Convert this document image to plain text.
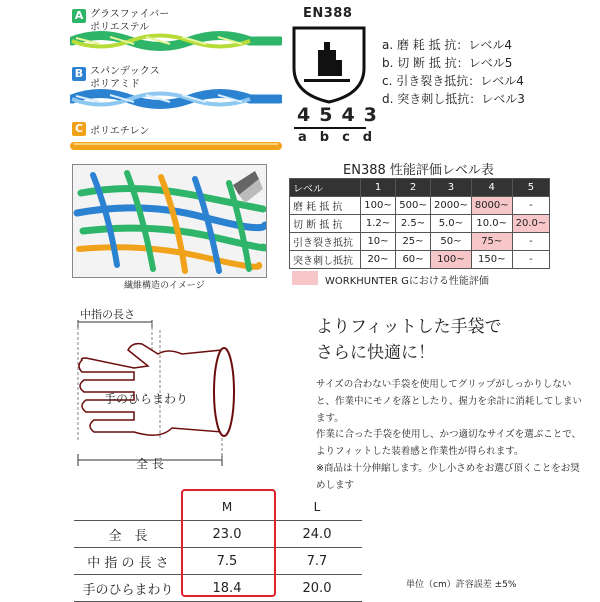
A グラスファイバー
ポリエステル
B スパンデックス
ポリアミド
C ポリエチレン
EN388
4543
abcd
a. 磨 耗 抵 抗：レベル4
b. 切 断 抵 抗：レベル5
c. 引き裂き抵抗：レベル4
d. 突き刺し抵抗：レベル3
繊維構造のイメージ
EN388 性能評価レベル表
レベル	1	2	3	4	5
磨 耗 抵 抗	100~	500~	2000~	8000~	-
切 断 抵 抗	1.2~	2.5~	5.0~	10.0~	20.0~
引き裂き抵抗	10~	25~	50~	75~	-
突き刺し抵抗	20~	60~	100~	150~	-
WORKHUNTER Gにおける性能評価
中指の長さ
手のひらまわり
全 長
よりフィットした手袋で
さらに快適に！
サイズの合わない手袋を使用してグリップがしっかりしないと、作業中にモノを落としたり、握力を余計に消耗してしまいます。
作業に合った手袋を使用し、かつ適切なサイズを選ぶことで、よりフィットした装着感と作業性が得られます。
※商品は十分伸縮します。少し小さめをお選び頂くことをお奨めします
	M	L
全　長	23.0	24.0
中 指 の 長 さ	7.5	7.7
手のひらまわり	18.4	20.0	単位（cm）許容誤差 ±5%
